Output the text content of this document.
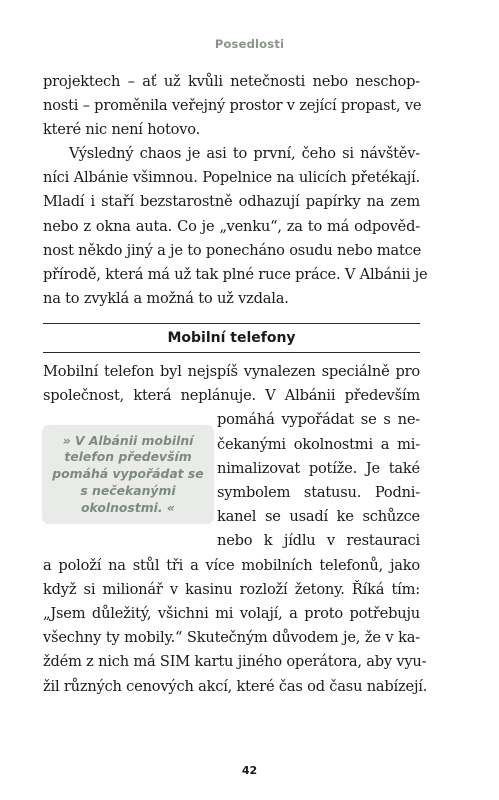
Posedlosti
projektech – ať už kvůli netečnosti nebo neschop-
nosti – proměnila veřejný prostor v zející propast, ve
které nic není hotovo.
Výsledný chaos je asi to první, čeho si návštěv-
níci Albánie všimnou. Popelnice na ulicích přetékají.
Mladí i staří bezstarostně odhazují papírky na zem
nebo z okna auta. Co je „venku“, za to má odpověd-
nost někdo jiný a je to ponecháno osudu nebo matce
přírodě, která má už tak plné ruce práce. V Albánii je
na to zvyklá a možná to už vzdala.
Mobilní telefony
Mobilní telefon byl nejspíš vynalezen speciálně pro
společnost, která neplánuje. V Albánii především
pomáhá vypořádat se s ne-
čekanými okolnostmi a mi-
nimalizovat potíže. Je také
symbolem statusu. Podni-
kanel se usadí ke schůzce
nebo k jídlu v restauraci
a položí na stůl tři a více mobilních telefonů, jako
když si milionář v kasinu rozloží žetony. Říká tím:
„Jsem důležitý, všichni mi volají, a proto potřebuju
všechny ty mobily.“ Skutečným důvodem je, že v ka-
ždém z nich má SIM kartu jiného operátora, aby vyu-
žil různých cenových akcí, které čas od času nabízejí.
» V Albánii mobilní
telefon především
pomáhá vypořádat se
s nečekanými
okolnostmi. «
42
